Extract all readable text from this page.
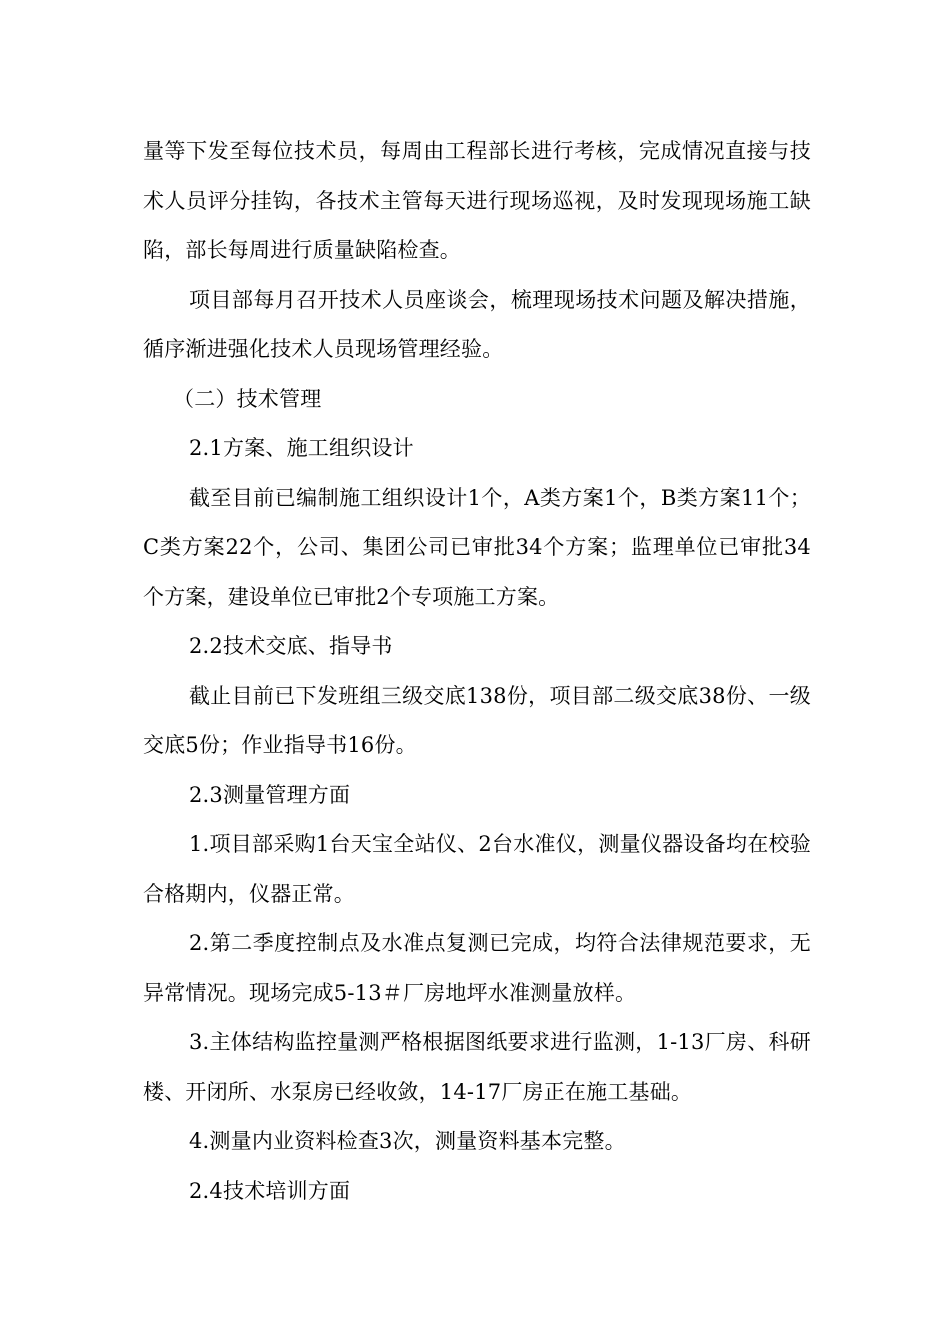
量等下发至每位技术员，每周由工程部长进行考核，完成情况直接与技术人员评分挂钩，各技术主管每天进行现场巡视，及时发现现场施工缺陷，部长每周进行质量缺陷检查。

项目部每月召开技术人员座谈会，梳理现场技术问题及解决措施，循序渐进强化技术人员现场管理经验。

（二）技术管理

2.1方案、施工组织设计

截至目前已编制施工组织设计1个，A类方案1个，B类方案11个；C类方案22个，公司、集团公司已审批34个方案；监理单位已审批34个方案，建设单位已审批2个专项施工方案。

2.2技术交底、指导书

截止目前已下发班组三级交底138份，项目部二级交底38份、一级交底5份；作业指导书16份。

2.3测量管理方面

1.项目部采购1台天宝全站仪、2台水准仪，测量仪器设备均在校验合格期内，仪器正常。

2.第二季度控制点及水准点复测已完成，均符合法律规范要求，无异常情况。现场完成5-13＃厂房地坪水准测量放样。

3.主体结构监控量测严格根据图纸要求进行监测，1-13厂房、科研楼、开闭所、水泵房已经收敛，14-17厂房正在施工基础。

4.测量内业资料检查3次，测量资料基本完整。

2.4技术培训方面
